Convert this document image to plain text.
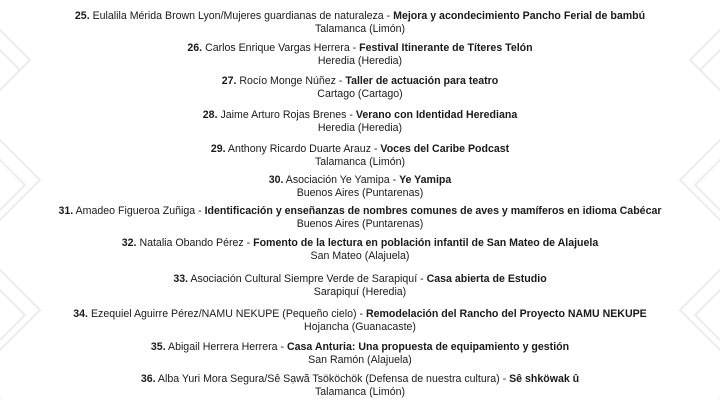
25. Eulalila Mérida Brown Lyon/Mujeres guardianas de naturaleza - Mejora y acondecimiento Pancho Ferial de bambú
Talamanca (Limón)
26. Carlos Enrique Vargas Herrera - Festival Itinerante de Títeres Telón
Heredia (Heredia)
27. Rocío Monge Núñez - Taller de actuación para teatro
Cartago (Cartago)
28. Jaime Arturo Rojas Brenes - Verano con Identidad Herediana
Heredia (Heredia)
29. Anthony Ricardo Duarte Arauz - Voces del Caribe Podcast
Talamanca (Limón)
30. Asociación Ye Yamipa - Ye Yamipa
Buenos Aires (Puntarenas)
31. Amadeo Figueroa Zuñiga - Identificación y enseñanzas de nombres comunes de aves y mamíferos en idioma Cabécar
Buenos Aires (Puntarenas)
32. Natalia Obando Pérez - Fomento de la lectura en población infantil de San Mateo de Alajuela
San Mateo (Alajuela)
33. Asociación Cultural Siempre Verde de Sarapiquí - Casa abierta de Estudio
Sarapiquí (Heredia)
34. Ezequiel Aguirre Pérez/NAMU NEKUPE (Pequeño cielo) - Remodelación del Rancho del Proyecto NAMU NEKUPE
Hojancha (Guanacaste)
35. Abigail Herrera Herrera - Casa Anturia: Una propuesta de equipamiento y gestión
San Ramón (Alajuela)
36. Alba Yuri Mora Segura/Sê Sạwã Tsököchök (Defensa de nuestra cultura) - Sê shköwak û
Talamanca (Limón)
